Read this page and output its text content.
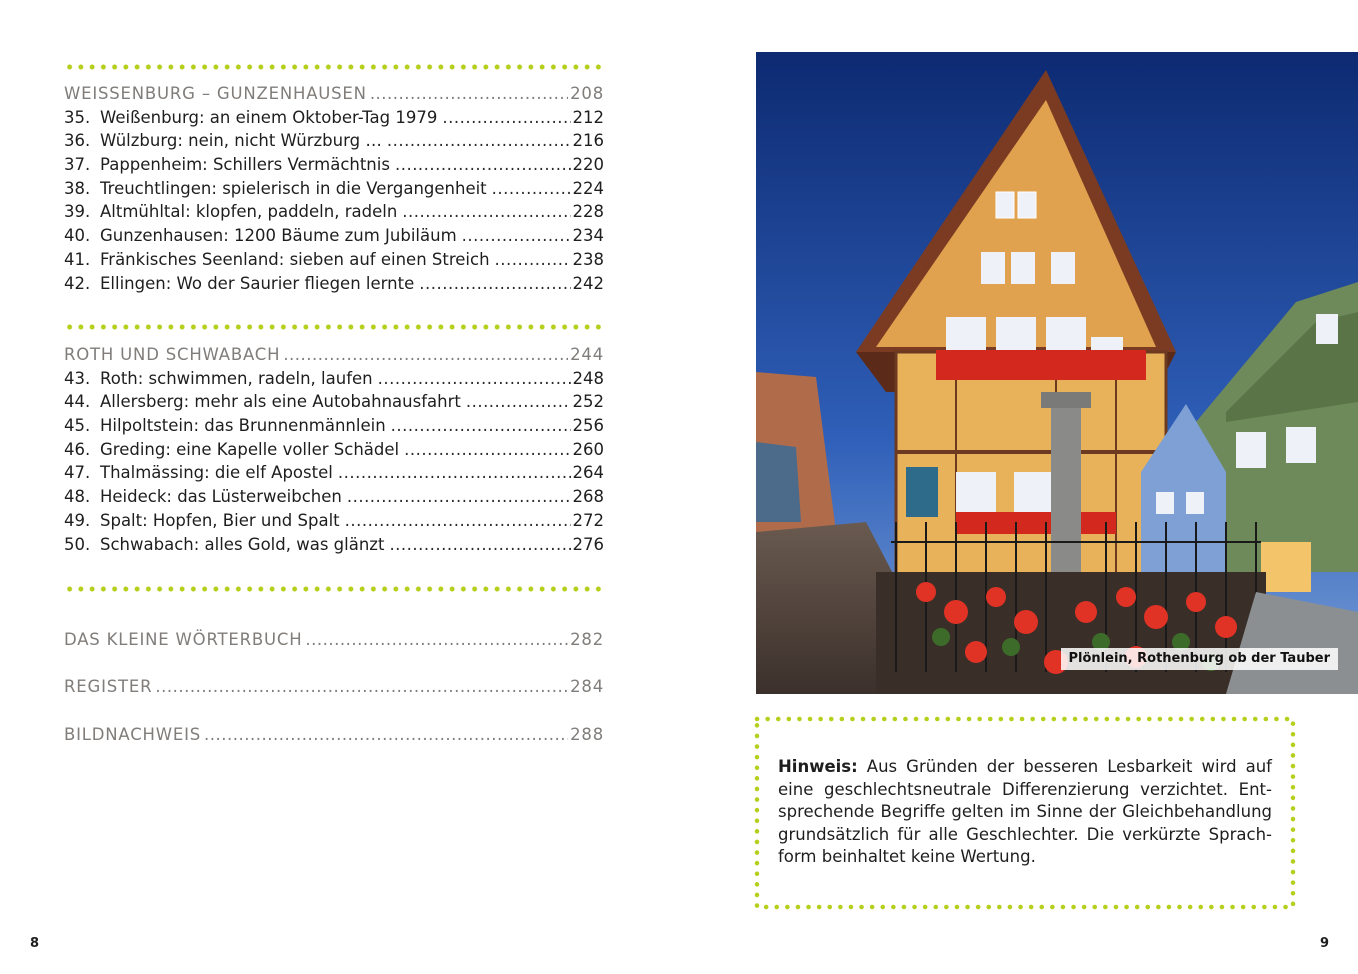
WEISSENBURG – GUNZENHAUSEN .....	208
35. Weißenburg: an einem Oktober-Tag 1979 .....	212
36. Wülzburg: nein, nicht Würzburg … .....	216
37. Pappenheim: Schillers Vermächtnis .....	220
38. Treuchtlingen: spielerisch in die Vergangenheit .....	224
39. Altmühltal: klopfen, paddeln, radeln .....	228
40. Gunzenhausen: 1200 Bäume zum Jubiläum .....	234
41. Fränkisches Seenland: sieben auf einen Streich .....	238
42. Ellingen: Wo der Saurier fliegen lernte .....	242
ROTH UND SCHWABACH .....	244
43. Roth: schwimmen, radeln, laufen .....	248
44. Allersberg: mehr als eine Autobahnausfahrt .....	252
45. Hilpoltstein: das Brunnenmännlein .....	256
46. Greding: eine Kapelle voller Schädel .....	260
47. Thalmässing: die elf Apostel .....	264
48. Heideck: das Lüsterweibchen .....	268
49. Spalt: Hopfen, Bier und Spalt .....	272
50. Schwabach: alles Gold, was glänzt .....	276
DAS KLEINE WÖRTERBUCH .....	282
REGISTER .....	284
BILDNACHWEIS .....	288
8
Plönlein, Rothenburg ob der Tauber
Hinweis: Aus Gründen der besseren Lesbarkeit wird auf eine geschlechtsneutrale Differenzierung verzichtet. Entsprechende Begriffe gelten im Sinne der Gleichbehandlung grundsätzlich für alle Geschlechter. Die verkürzte Sprachform beinhaltet keine Wertung.
9
